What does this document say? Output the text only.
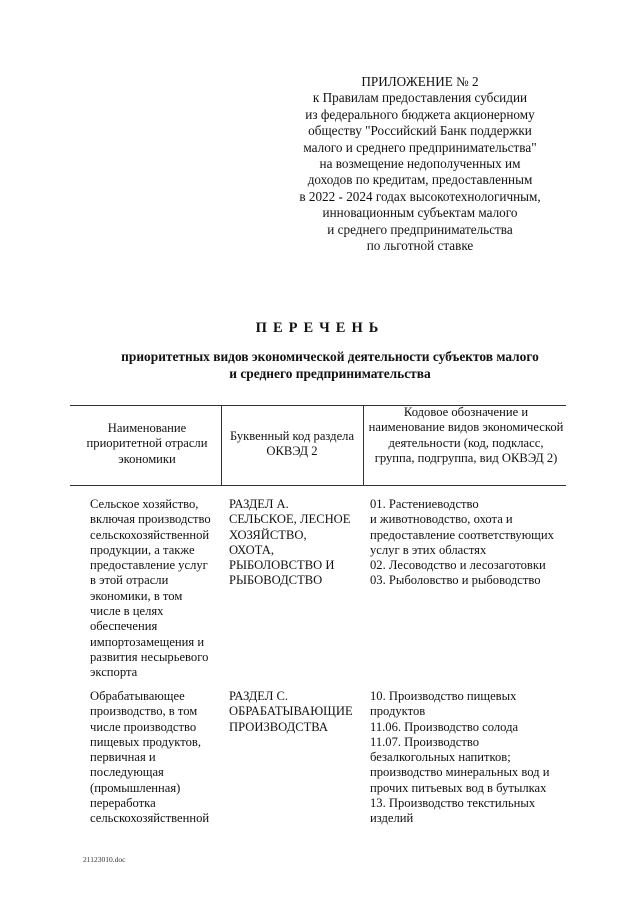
ПРИЛОЖЕНИЕ № 2
к Правилам предоставления субсидии
из федерального бюджета акционерному
обществу "Российский Банк поддержки
малого и среднего предпринимательства"
на возмещение недополученных им
доходов по кредитам, предоставленным
в 2022 - 2024 годах высокотехнологичным,
инновационным субъектам малого
и среднего предпринимательства
по льготной ставке
ПЕРЕЧЕНЬ
приоритетных видов экономической деятельности субъектов малого
и среднего предпринимательства
Наименование приоритетной отрасли экономики
Буквенный код раздела ОКВЭД 2
Кодовое обозначение и наименование видов экономической деятельности (код, подкласс, группа, подгруппа, вид ОКВЭД 2)
Сельское хозяйство,
включая производство
сельскохозяйственной
продукции, а также
предоставление услуг
в этой отрасли
экономики, в том
числе в целях
обеспечения
импортозамещения и
развития несырьевого
экспорта
РАЗДЕЛ А.
СЕЛЬСКОЕ, ЛЕСНОЕ
ХОЗЯЙСТВО,
ОХОТА,
РЫБОЛОВСТВО И
РЫБОВОДСТВО
01. Растениеводство
и животноводство, охота и
предоставление соответствующих
услуг в этих областях
02. Лесоводство и лесозаготовки
03. Рыболовство и рыбоводство
Обрабатывающее
производство, в том
числе производство
пищевых продуктов,
первичная и
последующая
(промышленная)
переработка
сельскохозяйственной
РАЗДЕЛ С.
ОБРАБАТЫВАЮЩИЕ
ПРОИЗВОДСТВА
10. Производство пищевых
продуктов
11.06. Производство солода
11.07. Производство
безалкогольных напитков;
производство минеральных вод и
прочих питьевых вод в бутылках
13. Производство текстильных
изделий
21123010.doc
